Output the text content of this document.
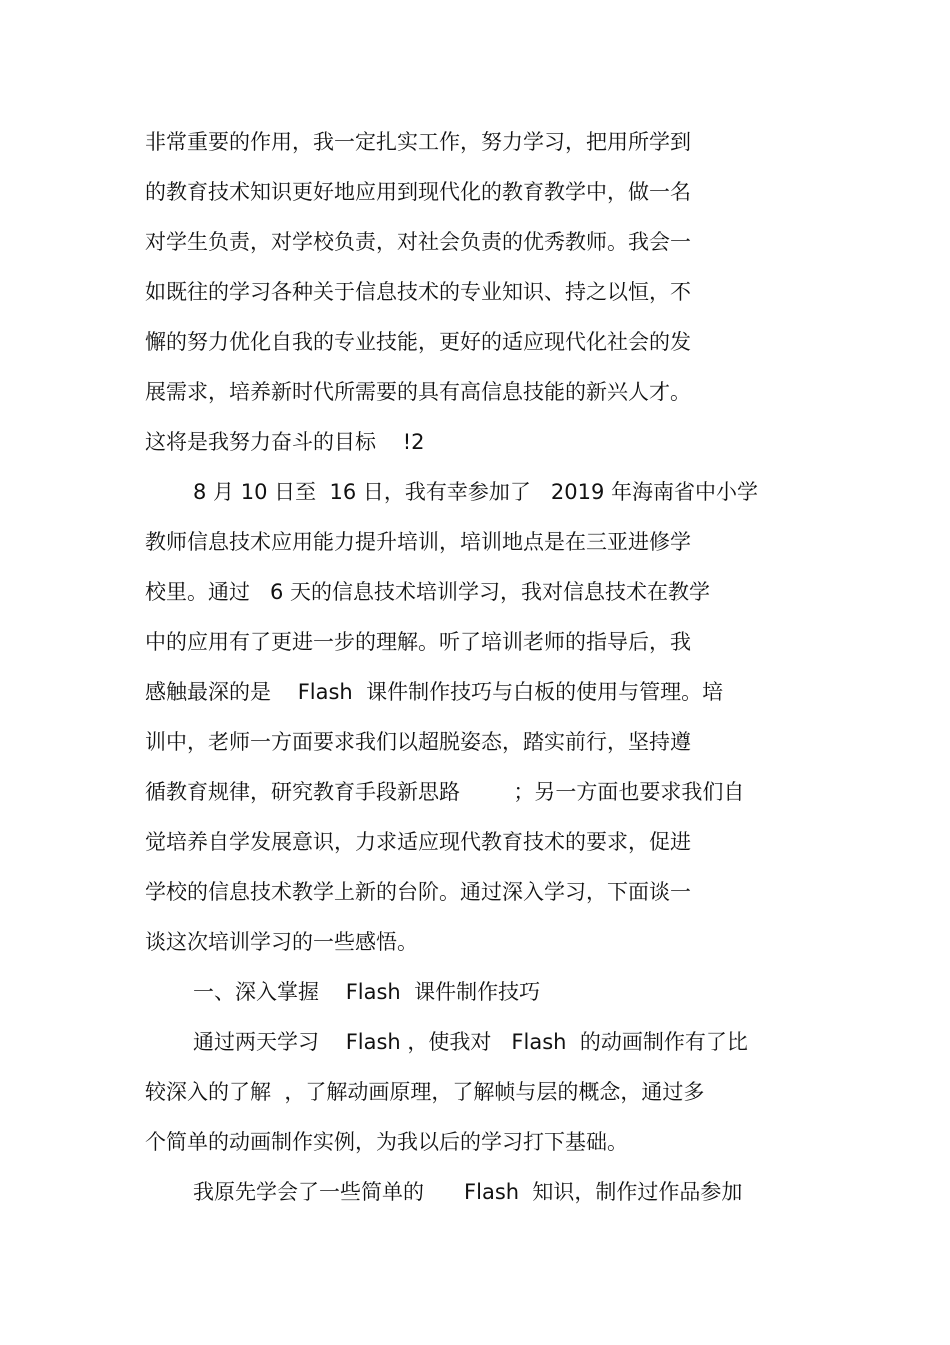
非常重要的作用，我一定扎实工作，努力学习，把用所学到
的教育技术知识更好地应用到现代化的教育教学中，做一名
对学生负责，对学校负责，对社会负责的优秀教师。我会一
如既往的学习各种关于信息技术的专业知识、持之以恒，不
懈的努力优化自我的专业技能，更好的适应现代化社会的发
展需求，培养新时代所需要的具有高信息技能的新兴人才。
这将是我努力奋斗的目标    !2
8 月 10 日至  16 日，我有幸参加了   2019 年海南省中小学
教师信息技术应用能力提升培训，培训地点是在三亚进修学
校里。通过   6 天的信息技术培训学习，我对信息技术在教学
中的应用有了更进一步的理解。听了培训老师的指导后，我
感触最深的是    Flash  课件制作技巧与白板的使用与管理。培
训中，老师一方面要求我们以超脱姿态，踏实前行，坚持遵
循教育规律，研究教育手段新思路        ；另一方面也要求我们自
觉培养自学发展意识，力求适应现代教育技术的要求，促进
学校的信息技术教学上新的台阶。通过深入学习，下面谈一
谈这次培训学习的一些感悟。
一、深入掌握    Flash  课件制作技巧
通过两天学习    Flash ，使我对   Flash  的动画制作有了比
较深入的了解  ，了解动画原理，了解帧与层的概念，通过多
个简单的动画制作实例，为我以后的学习打下基础。
我原先学会了一些简单的      Flash  知识，制作过作品参加
